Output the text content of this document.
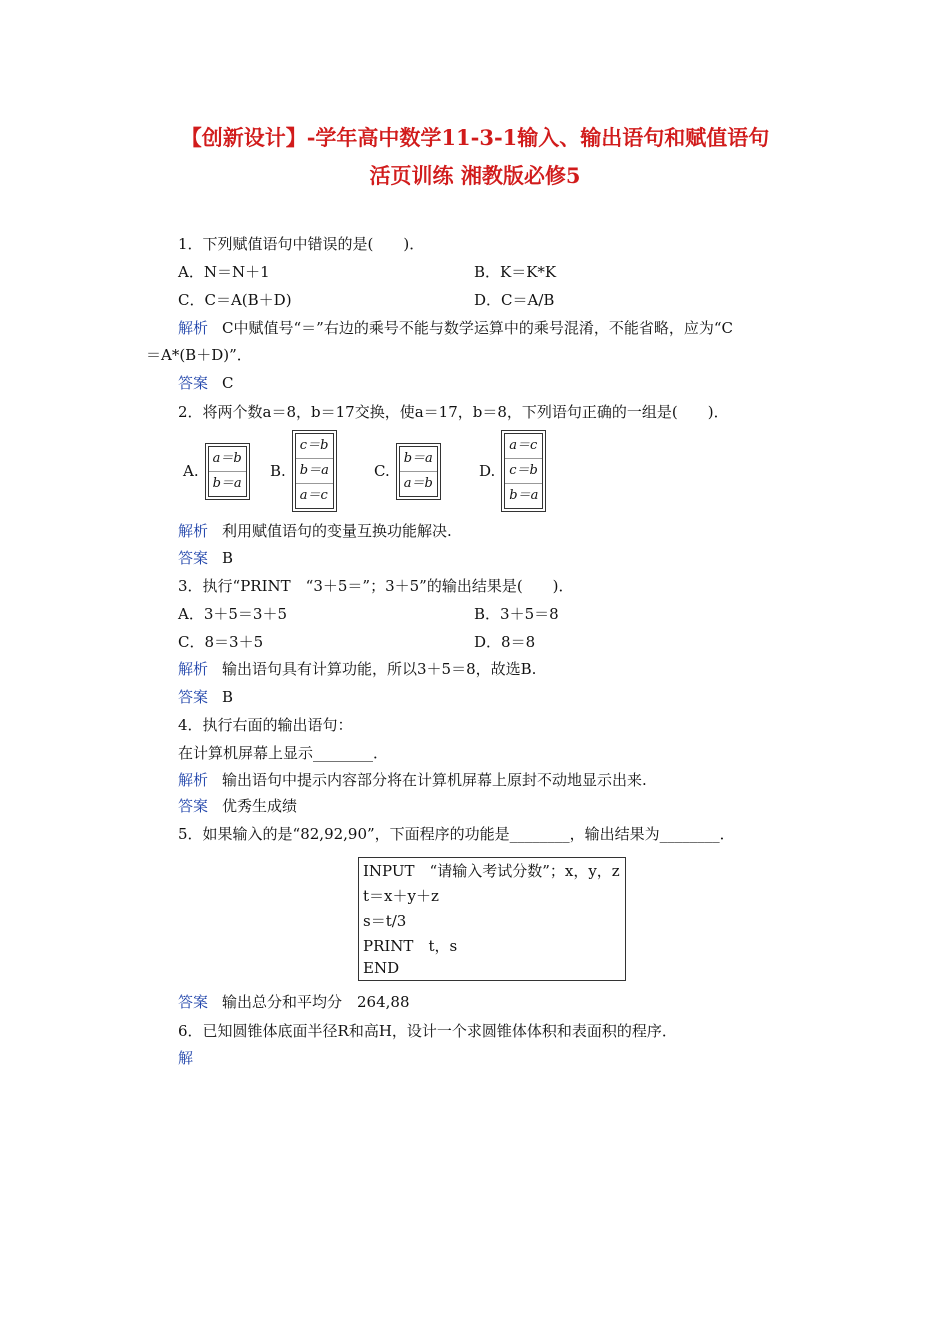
【创新设计】-学年高中数学11-3-1输入、输出语句和赋值语句
活页训练 湘教版必修5
1．下列赋值语句中错误的是(　　)．
A．N＝N＋1	B．K＝K*K
C．C＝A(B＋D)	D．C＝A/B
解析 C中赋值号“＝”右边的乘号不能与数学运算中的乘号混淆，不能省略，应为“C
＝A*(B＋D)”．
答案 C
2．将两个数a＝8，b＝17交换，使a＝17，b＝8，下列语句正确的一组是(　　)．
A.
a＝b
b＝a
B.
c＝b
b＝a
a＝c
C.
b＝a
a＝b
D.
a＝c
c＝b
b＝a
解析 利用赋值语句的变量互换功能解决.
答案 B
3．执行“PRINT　“3＋5＝”；3＋5”的输出结果是(　　)．
A．3＋5＝3＋5	B．3＋5＝8
C．8＝3＋5	D．8＝8
解析 输出语句具有计算功能，所以3＋5＝8，故选B.
答案 B
4．执行右面的输出语句：
在计算机屏幕上显示________．
解析 输出语句中提示内容部分将在计算机屏幕上原封不动地显示出来.
答案 优秀生成绩
5．如果输入的是“82,92,90”，下面程序的功能是________，输出结果为________．
INPUT　“请输入考试分数”；x，y，z
t＝x＋y＋z
s＝t/3
PRINT　t，s
END
答案 输出总分和平均分　264,88
6．已知圆锥体底面半径R和高H，设计一个求圆锥体体积和表面积的程序．
解
